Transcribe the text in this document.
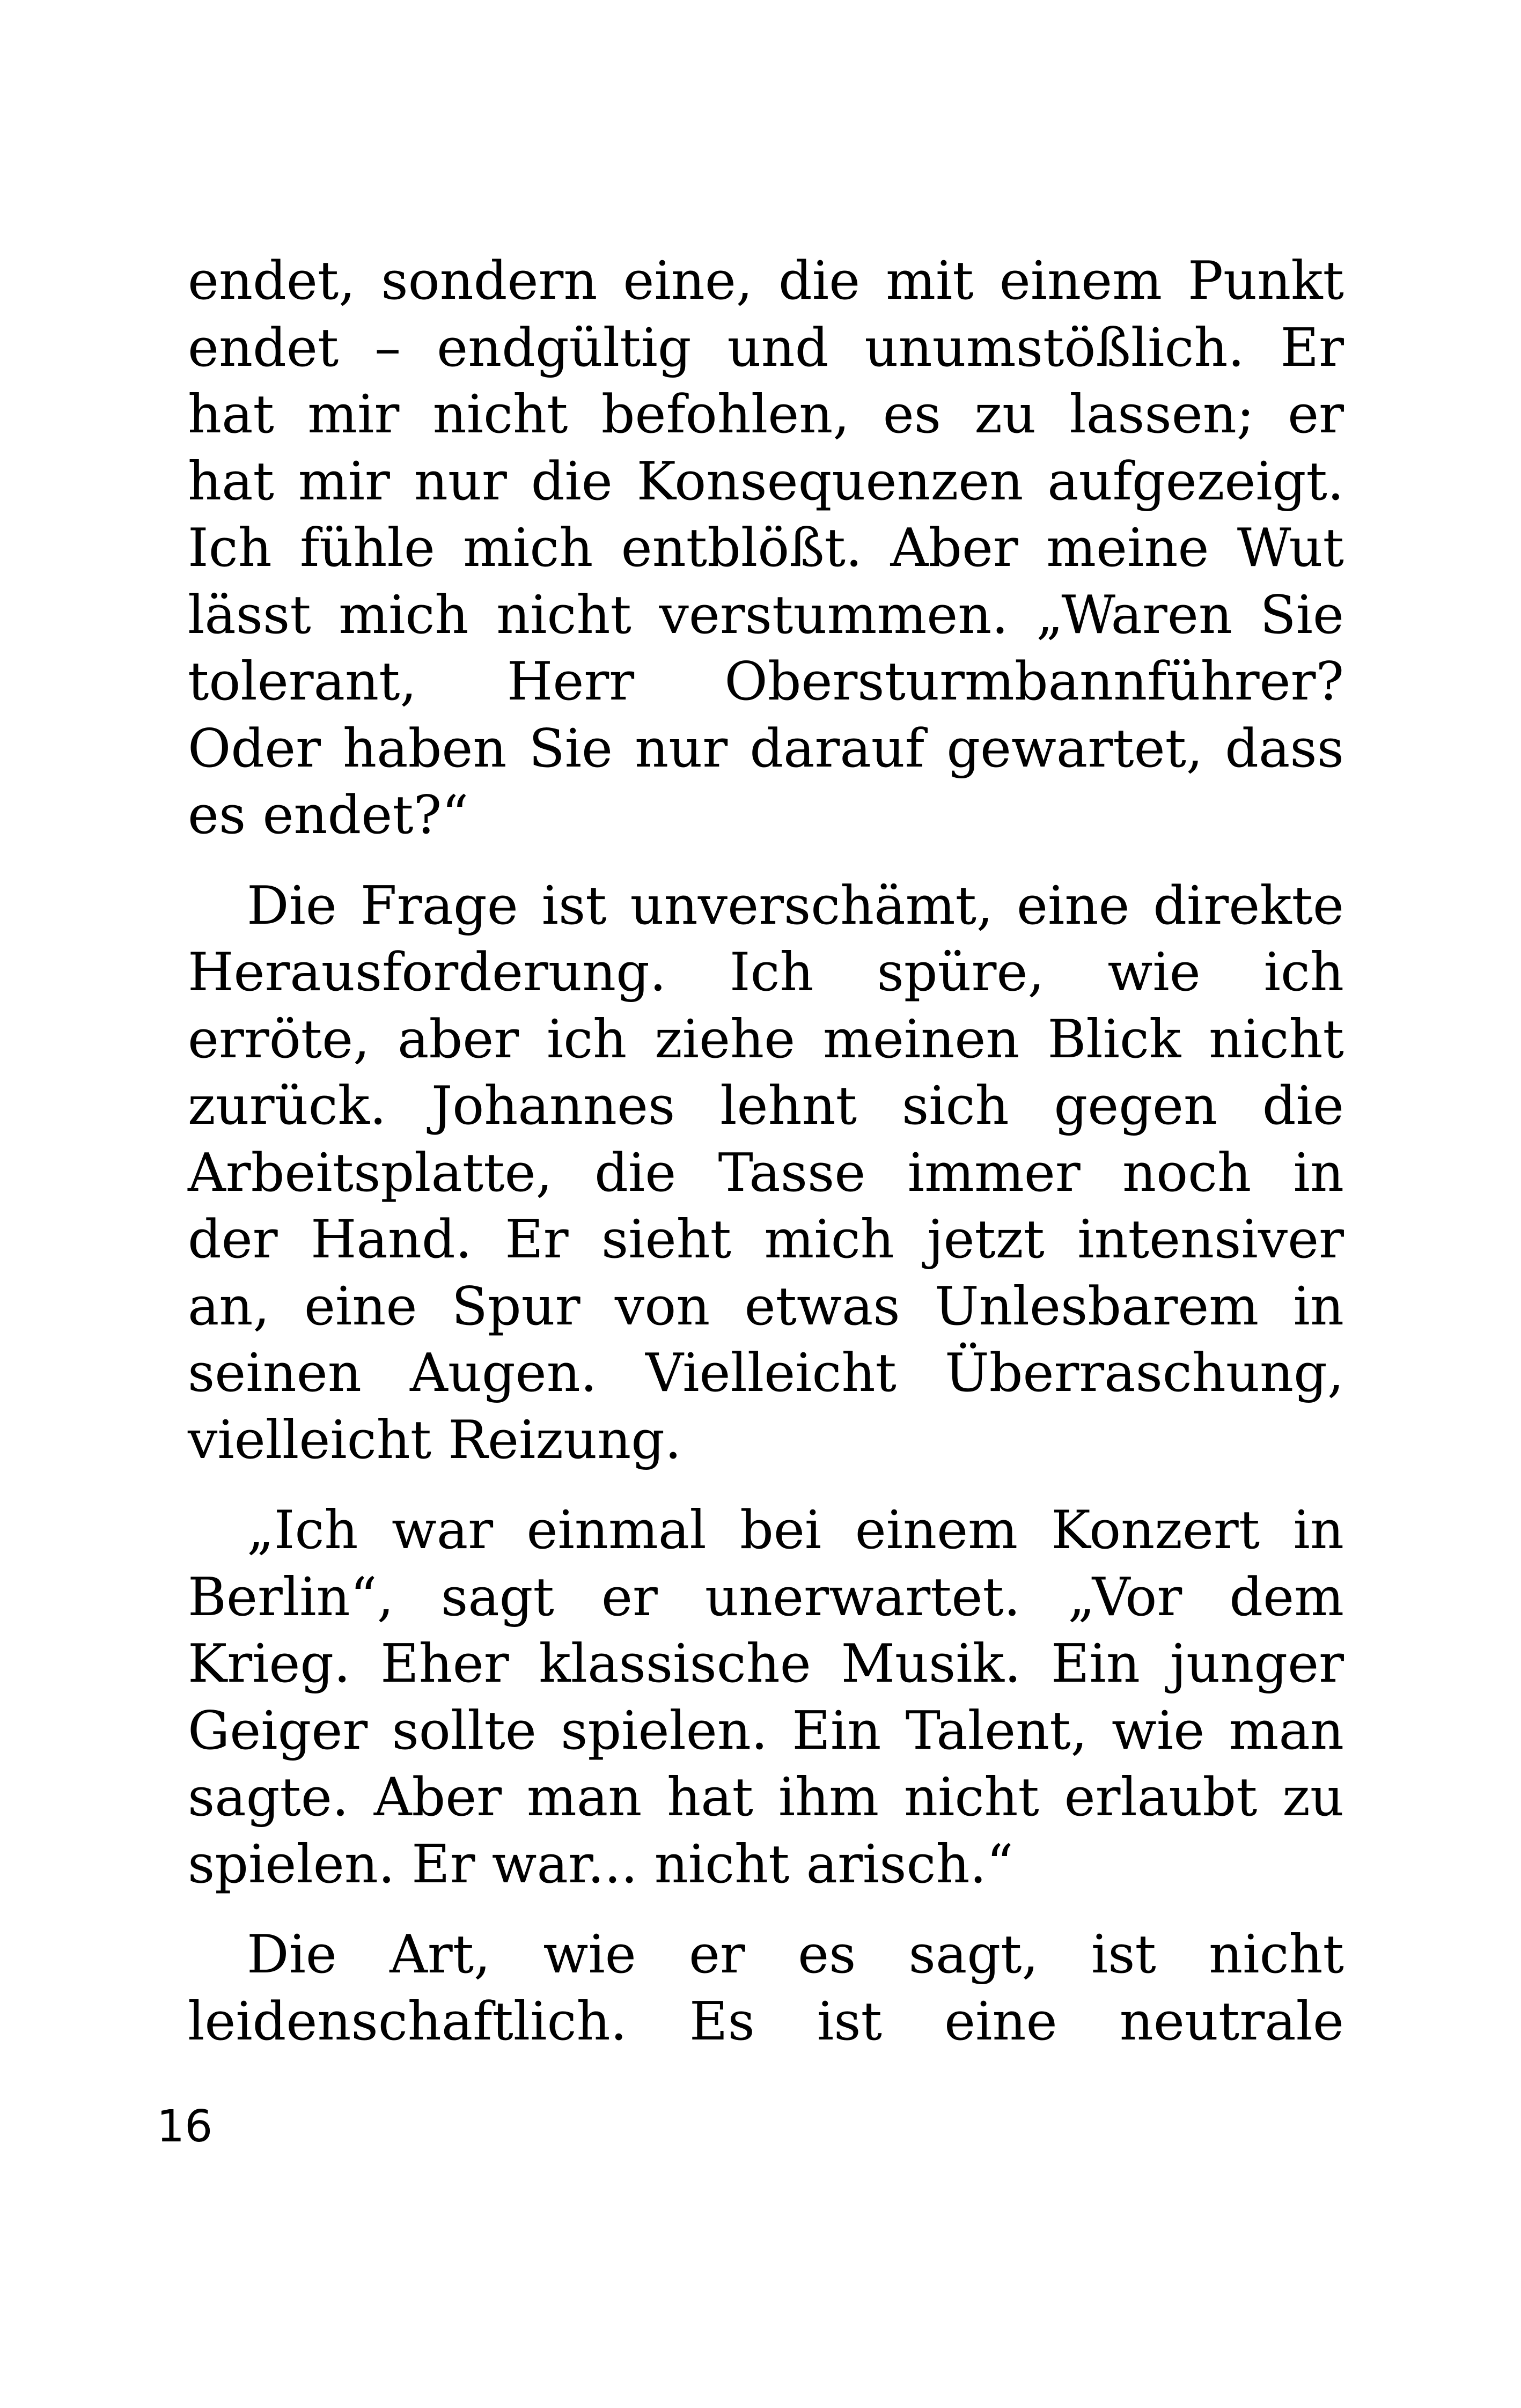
endet, sondern eine, die mit einem Punkt
endet – endgültig und unumstößlich. Er
hat mir nicht befohlen, es zu lassen; er
hat mir nur die Konsequenzen aufgezeigt.
Ich fühle mich entblößt. Aber meine Wut
lässt mich nicht verstummen. „Waren Sie
tolerant, Herr Obersturmbannführer?
Oder haben Sie nur darauf gewartet, dass
es endet?“

Die Frage ist unverschämt, eine direkte
Herausforderung. Ich spüre, wie ich
erröte, aber ich ziehe meinen Blick nicht
zurück. Johannes lehnt sich gegen die
Arbeitsplatte, die Tasse immer noch in
der Hand. Er sieht mich jetzt intensiver
an, eine Spur von etwas Unlesbarem in
seinen Augen. Vielleicht Überraschung,
vielleicht Reizung.

„Ich war einmal bei einem Konzert in
Berlin“, sagt er unerwartet. „Vor dem
Krieg. Eher klassische Musik. Ein junger
Geiger sollte spielen. Ein Talent, wie man
sagte. Aber man hat ihm nicht erlaubt zu
spielen. Er war... nicht arisch.“

Die Art, wie er es sagt, ist nicht
leidenschaftlich. Es ist eine neutrale

16
